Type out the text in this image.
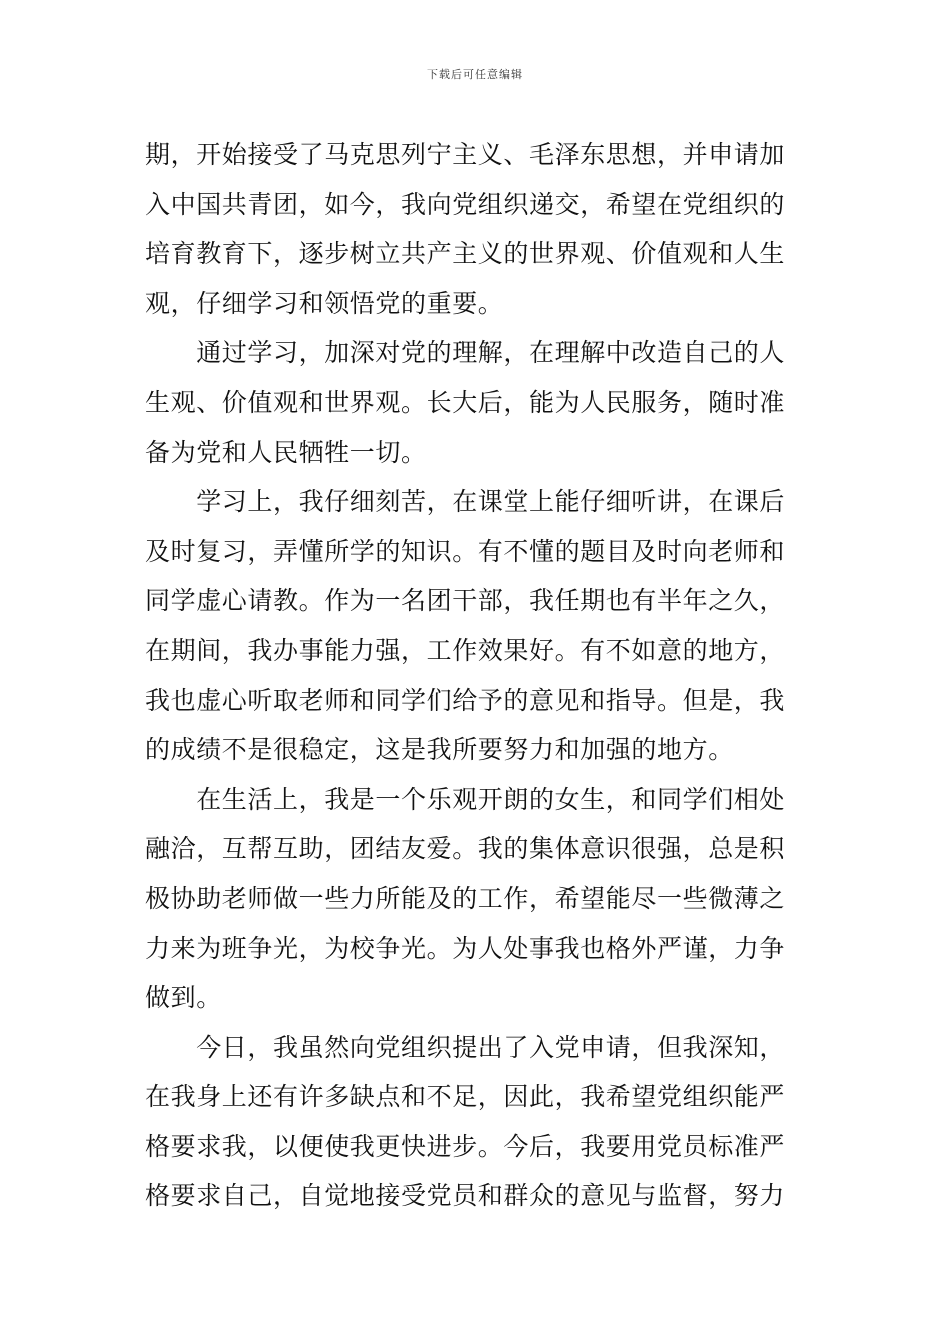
下载后可任意编辑

期，开始接受了马克思列宁主义、毛泽东思想，并申请加
入中国共青团，如今，我向党组织递交，希望在党组织的
培育教育下，逐步树立共产主义的世界观、价值观和人生
观，仔细学习和领悟党的重要。

　　通过学习，加深对党的理解，在理解中改造自己的人
生观、价值观和世界观。长大后，能为人民服务，随时准
备为党和人民牺牲一切。

　　学习上，我仔细刻苦，在课堂上能仔细听讲，在课后
及时复习，弄懂所学的知识。有不懂的题目及时向老师和
同学虚心请教。作为一名团干部，我任期也有半年之久，
在期间，我办事能力强，工作效果好。有不如意的地方，
我也虚心听取老师和同学们给予的意见和指导。但是，我
的成绩不是很稳定，这是我所要努力和加强的地方。

　　在生活上，我是一个乐观开朗的女生，和同学们相处
融洽，互帮互助，团结友爱。我的集体意识很强，总是积
极协助老师做一些力所能及的工作，希望能尽一些微薄之
力来为班争光，为校争光。为人处事我也格外严谨，力争
做到。

　　今日，我虽然向党组织提出了入党申请，但我深知，
在我身上还有许多缺点和不足，因此，我希望党组织能严
格要求我，以便使我更快进步。今后，我要用党员标准严
格要求自己，自觉地接受党员和群众的意见与监督，努力
